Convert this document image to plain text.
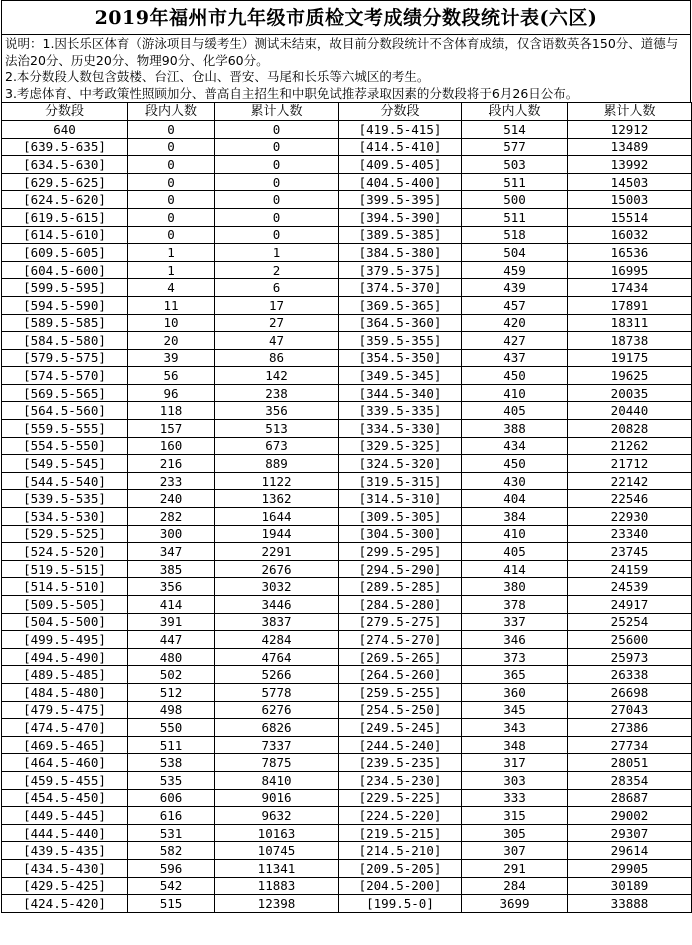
2019年福州市九年级市质检文考成绩分数段统计表(六区)
说明：1.因长乐区体育（游泳项目与缓考生）测试未结束，故目前分数段统计不含体育成绩，仅含语数英各150分、道德与法治20分、历史20分、物理90分、化学60分。
2.本分数段人数包含鼓楼、台江、仓山、晋安、马尾和长乐等六城区的考生。
3.考虑体育、中考政策性照顾加分、普高自主招生和中职免试推荐录取因素的分数段将于6月26日公布。
分数段	段内人数	累计人数	分数段	段内人数	累计人数
640	0	0	[419.5-415]	514	12912
[639.5-635]	0	0	[414.5-410]	577	13489
[634.5-630]	0	0	[409.5-405]	503	13992
[629.5-625]	0	0	[404.5-400]	511	14503
[624.5-620]	0	0	[399.5-395]	500	15003
[619.5-615]	0	0	[394.5-390]	511	15514
[614.5-610]	0	0	[389.5-385]	518	16032
[609.5-605]	1	1	[384.5-380]	504	16536
[604.5-600]	1	2	[379.5-375]	459	16995
[599.5-595]	4	6	[374.5-370]	439	17434
[594.5-590]	11	17	[369.5-365]	457	17891
[589.5-585]	10	27	[364.5-360]	420	18311
[584.5-580]	20	47	[359.5-355]	427	18738
[579.5-575]	39	86	[354.5-350]	437	19175
[574.5-570]	56	142	[349.5-345]	450	19625
[569.5-565]	96	238	[344.5-340]	410	20035
[564.5-560]	118	356	[339.5-335]	405	20440
[559.5-555]	157	513	[334.5-330]	388	20828
[554.5-550]	160	673	[329.5-325]	434	21262
[549.5-545]	216	889	[324.5-320]	450	21712
[544.5-540]	233	1122	[319.5-315]	430	22142
[539.5-535]	240	1362	[314.5-310]	404	22546
[534.5-530]	282	1644	[309.5-305]	384	22930
[529.5-525]	300	1944	[304.5-300]	410	23340
[524.5-520]	347	2291	[299.5-295]	405	23745
[519.5-515]	385	2676	[294.5-290]	414	24159
[514.5-510]	356	3032	[289.5-285]	380	24539
[509.5-505]	414	3446	[284.5-280]	378	24917
[504.5-500]	391	3837	[279.5-275]	337	25254
[499.5-495]	447	4284	[274.5-270]	346	25600
[494.5-490]	480	4764	[269.5-265]	373	25973
[489.5-485]	502	5266	[264.5-260]	365	26338
[484.5-480]	512	5778	[259.5-255]	360	26698
[479.5-475]	498	6276	[254.5-250]	345	27043
[474.5-470]	550	6826	[249.5-245]	343	27386
[469.5-465]	511	7337	[244.5-240]	348	27734
[464.5-460]	538	7875	[239.5-235]	317	28051
[459.5-455]	535	8410	[234.5-230]	303	28354
[454.5-450]	606	9016	[229.5-225]	333	28687
[449.5-445]	616	9632	[224.5-220]	315	29002
[444.5-440]	531	10163	[219.5-215]	305	29307
[439.5-435]	582	10745	[214.5-210]	307	29614
[434.5-430]	596	11341	[209.5-205]	291	29905
[429.5-425]	542	11883	[204.5-200]	284	30189
[424.5-420]	515	12398	[199.5-0]	3699	33888
